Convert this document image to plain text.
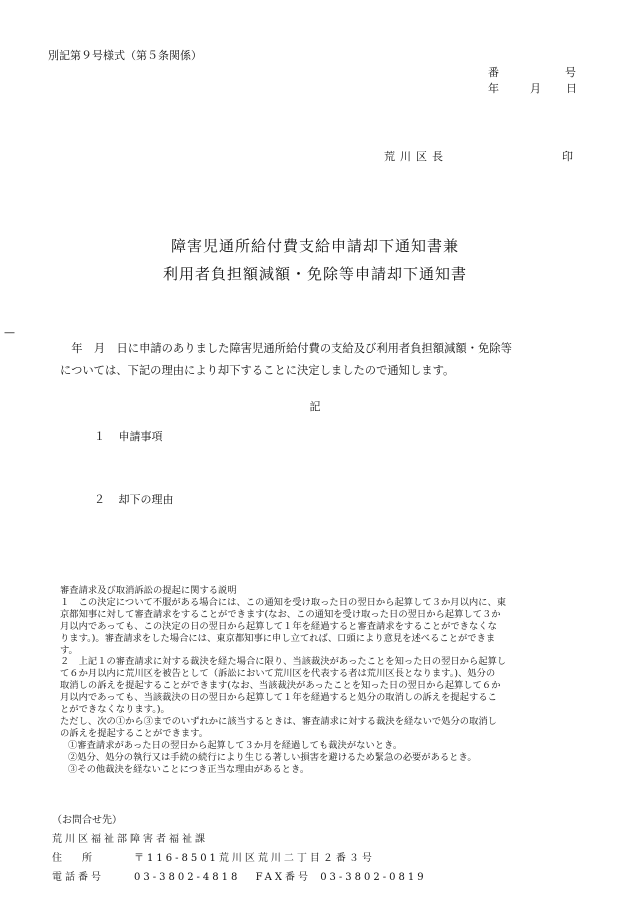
別記第９号様式（第５条関係）
番　　号
年	月 日
荒川区長	印
障害児通所給付費支給申請却下通知書兼
利用者負担額減額・免除等申請却下通知書
—
　年　月　日に申請のありました障害児通所給付費の支給及び利用者負担額減額・免除等
については、下記の理由により却下することに決定しましたので通知します。
記
１ 申請事項
２ 却下の理由
審査請求及び取消訴訟の提起に関する説明
１　この決定について不服がある場合には、この通知を受け取った日の翌日から起算して３か月以内に、東
京都知事に対して審査請求をすることができます(なお、この通知を受け取った日の翌日から起算して３か
月以内であっても、この決定の日の翌日から起算して１年を経過すると審査請求をすることができなくな
ります。)。審査請求をした場合には、東京都知事に申し立てれば、口頭により意見を述べることができま
す。
２　上記１の審査請求に対する裁決を経た場合に限り、当該裁決があったことを知った日の翌日から起算し
て６か月以内に荒川区を被告として（訴訟において荒川区を代表する者は荒川区長となります。)、処分の
取消しの訴えを提起することができます(なお、当該裁決があったことを知った日の翌日から起算して６か
月以内であっても、当該裁決の日の翌日から起算して１年を経過すると処分の取消しの訴えを提起するこ
とができなくなります。)。
ただし、次の①から③までのいずれかに該当するときは、審査請求に対する裁決を経ないで処分の取消し
の訴えを提起することができます。
①審査請求があった日の翌日から起算して３か月を経過しても裁決がないとき。
②処分、処分の執行又は手続の続行により生じる著しい損害を避けるため緊急の必要があるとき。
③その他裁決を経ないことにつき正当な理由があるとき。
（お問合せ先）
荒川区福祉部障害者福祉課
住　　所	〒116-8501荒川区荒川二丁目２番３号
電話番号	03-3802-4818 FAX番号 03-3802-0819
